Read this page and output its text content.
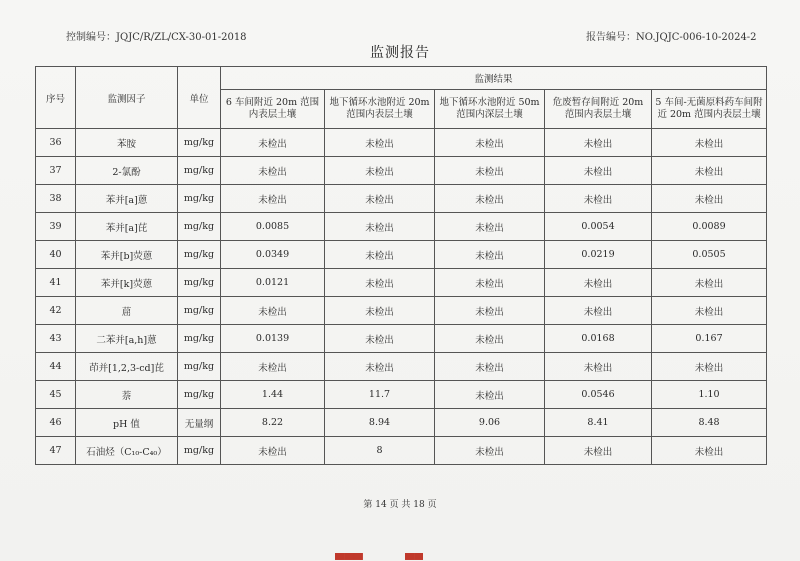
控制编号：JQJC/R/ZL/CX-30-01-2018	报告编号：NO.JQJC-006-10-2024-2
监测报告
序号	监测因子	单位	监测结果				
			6 车间附近 20m 范围内表层土壤	地下循环水池附近 20m 范围内表层土壤	地下循环水池附近 50m 范围内深层土壤	危废暂存间附近 20m 范围内表层土壤	5 车间-无菌原料药车间附近 20m 范围内表层土壤
36	苯胺	mg/kg	未检出	未检出	未检出	未检出	未检出
37	2-氯酚	mg/kg	未检出	未检出	未检出	未检出	未检出
38	苯并[a]蒽	mg/kg	未检出	未检出	未检出	未检出	未检出
39	苯并[a]芘	mg/kg	0.0085	未检出	未检出	0.0054	0.0089
40	苯并[b]荧蒽	mg/kg	0.0349	未检出	未检出	0.0219	0.0505
41	苯并[k]荧蒽	mg/kg	0.0121	未检出	未检出	未检出	未检出
42	䓛	mg/kg	未检出	未检出	未检出	未检出	未检出
43	二苯并[a,h]蒽	mg/kg	0.0139	未检出	未检出	0.0168	0.167
44	茚并[1,2,3-cd]芘	mg/kg	未检出	未检出	未检出	未检出	未检出
45	萘	mg/kg	1.44	11.7	未检出	0.0546	1.10
46	pH 值	无量纲	8.22	8.94	9.06	8.41	8.48
47	石油烃（C₁₀-C₄₀）	mg/kg	未检出	8	未检出	未检出	未检出
第 14 页 共 18 页
▀▀▀	▀▀
